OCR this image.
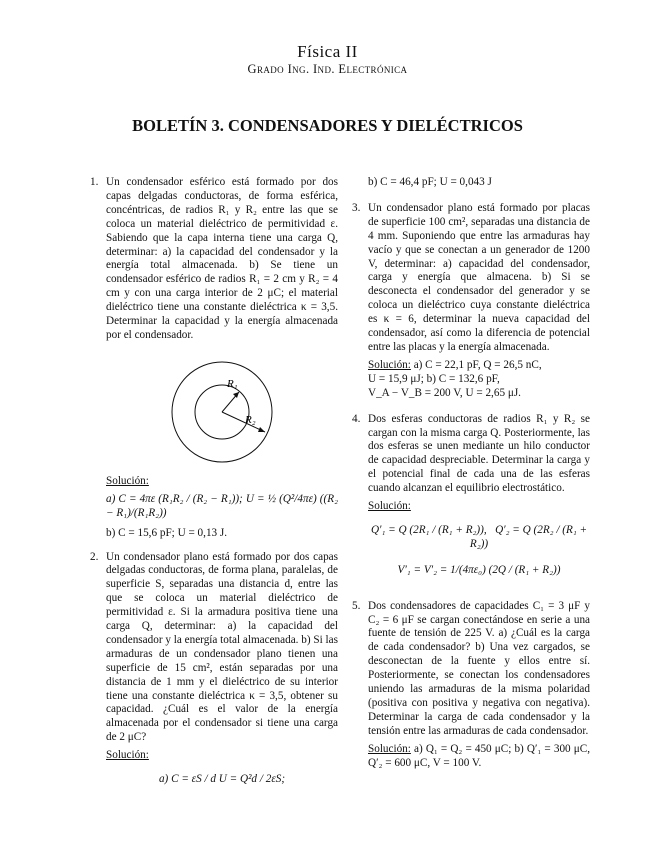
Física II
Grado Ing. Ind. Electrónica
BOLETÍN 3. CONDENSADORES Y DIELÉCTRICOS
1. Un condensador esférico está formado por dos capas delgadas conductoras, de forma esférica, concéntricas, de radios R₁ y R₂ entre las que se coloca un material dieléctrico de permitividad ε. Sabiendo que la capa interna tiene una carga Q, determinar: a) la capacidad del condensador y la energía total almacenada. b) Se tiene un condensador esférico de radios R₁ = 2 cm y R₂ = 4 cm y con una carga interior de 2 μC; el material dieléctrico tiene una constante dieléctrica κ = 3,5. Determinar la capacidad y la energía almacenada por el condensador.
R₁
R₂
Solución:
a) C = 4πε (R₁R₂ / (R₂ − R₁)); U = ½ (Q²/4πε) ((R₂ − R₁)/(R₁R₂))
b) C = 15,6 pF; U = 0,13 J.
2. Un condensador plano está formado por dos capas delgadas conductoras, de forma plana, paralelas, de superficie S, separadas una distancia d, entre las que se coloca un material dieléctrico de permitividad ε. Si la armadura positiva tiene una carga Q, determinar: a) la capacidad del condensador y la energía total almacenada. b) Si las armaduras de un condensador plano tienen una superficie de 15 cm², están separadas por una distancia de 1 mm y el dieléctrico de su interior tiene una constante dieléctrica κ = 3,5, obtener su capacidad. ¿Cuál es el valor de la energía almacenada por el condensador si tiene una carga de 2 μC?
Solución:
a) C = εS / d U = Q²d / 2εS;
b) C = 46,4 pF; U = 0,043 J
3. Un condensador plano está formado por placas de superficie 100 cm², separadas una distancia de 4 mm. Suponiendo que entre las armaduras hay vacío y que se conectan a un generador de 1200 V, determinar: a) capacidad del condensador, carga y energía que almacena. b) Si se desconecta el condensador del generador y se coloca un dieléctrico cuya constante dieléctrica es κ = 6, determinar la nueva capacidad del condensador, así como la diferencia de potencial entre las placas y la energía almacenada.
Solución: a) C = 22,1 pF, Q = 26,5 nC,
U = 15,9 μJ; b) C = 132,6 pF,
V_A − V_B = 200 V, U = 2,65 μJ.
4. Dos esferas conductoras de radios R₁ y R₂ se cargan con la misma carga Q. Posteriormente, las dos esferas se unen mediante un hilo conductor de capacidad despreciable. Determinar la carga y el potencial final de cada una de las esferas cuando alcanzan el equilibrio electrostático.
Solución:
Q′₁ = Q (2R₁ / (R₁ + R₂)), Q′₂ = Q (2R₂ / (R₁ + R₂))
V′₁ = V′₂ = 1/(4πε₀) (2Q / (R₁ + R₂))
5. Dos condensadores de capacidades C₁ = 3 μF y C₂ = 6 μF se cargan conectándose en serie a una fuente de tensión de 225 V. a) ¿Cuál es la carga de cada condensador? b) Una vez cargados, se desconectan de la fuente y ellos entre sí. Posteriormente, se conectan los condensadores uniendo las armaduras de la misma polaridad (positiva con positiva y negativa con negativa). Determinar la carga de cada condensador y la tensión entre las armaduras de cada condensador.
Solución: a) Q₁ = Q₂ = 450 μC; b) Q′₁ = 300 μC, Q′₂ = 600 μC, V = 100 V.
